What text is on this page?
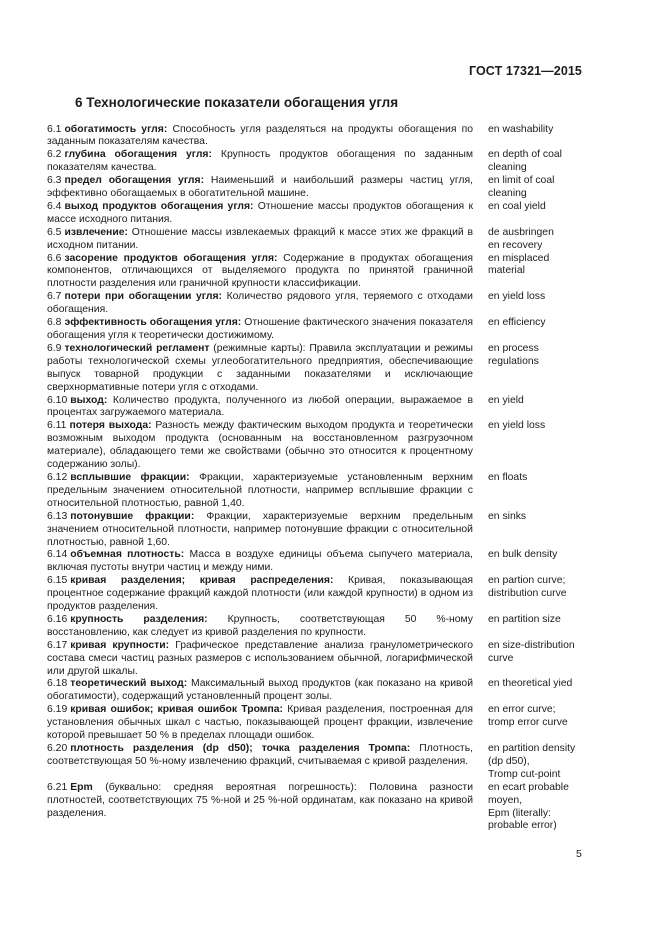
ГОСТ 17321—2015
6 Технологические показатели обогащения угля
6.1 обогатимость угля: Способность угля разделяться на продукты обогащения по заданным показателям качества.
en washability
6.2 глубина обогащения угля: Крупность продуктов обогащения по заданным показателям качества.
en depth of coal
cleaning
6.3 предел обогащения угля: Наименьший и наибольший размеры частиц угля, эффективно обогащаемых в обогатительной машине.
en limit of coal
cleaning
6.4 выход продуктов обогащения угля: Отношение массы продуктов обогащения к массе исходного питания.
en coal yield
6.5 извлечение: Отношение массы извлекаемых фракций к массе этих же фракций в исходном питании.
de ausbringen
en recovery
6.6 засорение продуктов обогащения угля: Содержание в продуктах обогащения компонентов, отличающихся от выделяемого продукта по принятой граничной плотности разделения или граничной крупности классификации.
en misplaced
material
6.7 потери при обогащении угля: Количество рядового угля, теряемого с отходами обогащения.
en yield loss
6.8 эффективность обогащения угля: Отношение фактического значения показателя обогащения угля к теоретически достижимому.
en efficiency
6.9 технологический регламент (режимные карты): Правила эксплуатации и режимы работы технологической схемы углеобогатительного предприятия, обеспечивающие выпуск товарной продукции с заданными показателями и исключающие сверхнормативные потери угля с отходами.
en process
regulations
6.10 выход: Количество продукта, полученного из любой операции, выражаемое в процентах загружаемого материала.
en yield
6.11 потеря выхода: Разность между фактическим выходом продукта и теоретически возможным выходом продукта (основанным на восстановленном разгрузочном материале), обладающего теми же свойствами (обычно это относится к процентному содержанию золы).
en yield loss
6.12 всплывшие фракции: Фракции, характеризуемые установленным верхним предельным значением относительной плотности, например всплывшие фракции с относительной плотностью, равной 1,40.
en floats
6.13 потонувшие фракции: Фракции, характеризуемые верхним предельным значением относительной плотности, например потонувшие фракции с относительной плотностью, равной 1,60.
en sinks
6.14 объемная плотность: Масса в воздухе единицы объема сыпучего материала, включая пустоты внутри частиц и между ними.
en bulk density
6.15 кривая разделения; кривая распределения: Кривая, показывающая процентное содержание фракций каждой плотности (или каждой крупности) в одном из продуктов разделения.
en partion curve;
distribution curve
6.16 крупность разделения: Крупность, соответствующая 50 %-ному восстановлению, как следует из кривой разделения по крупности.
en partition size
6.17 кривая крупности: Графическое представление анализа гранулометрического состава смеси частиц разных размеров с использованием обычной, логарифмической или другой шкалы.
en size-distribution
curve
6.18 теоретический выход: Максимальный выход продуктов (как показано на кривой обогатимости), содержащий установленный процент золы.
en theoretical yied
6.19 кривая ошибок; кривая ошибок Тромпа: Кривая разделения, построенная для установления обычных шкал с частью, показывающей процент фракции, извлечение которой превышает 50 % в пределах площади ошибок.
en error curve;
tromp error curve
6.20 плотность разделения (dp d50); точка разделения Тромпа: Плотность, соответствующая 50 %-ному извлечению фракций, считываемая с кривой разделения.
en partition density
(dp d50),
Tromp cut-point
6.21 Epm (буквально: средняя вероятная погрешность): Половина разности плотностей, соответствующих 75 %-ной и 25 %-ной ординатам, как показано на кривой разделения.
en ecart probable
moyen,
Epm (literally:
probable error)
5
